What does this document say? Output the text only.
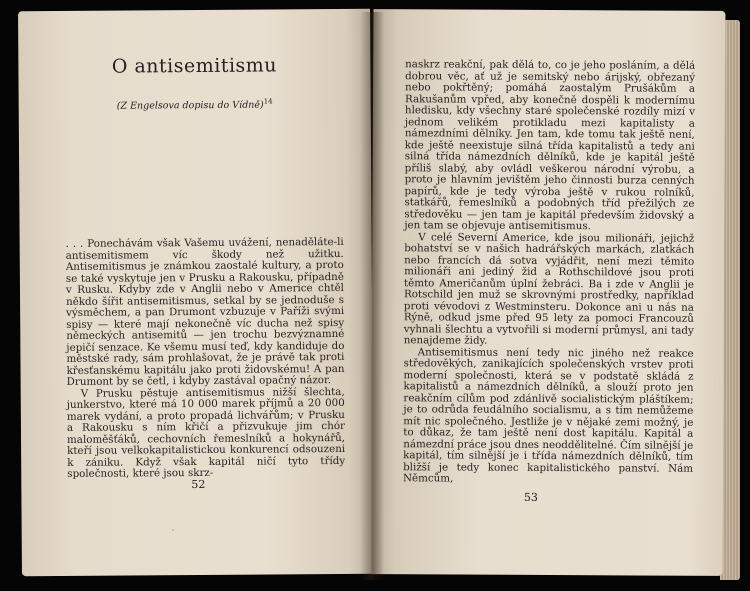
O antisemitismu
(Z Engelsova dopisu do Vídně)$^{14}$

. . . Ponechávám však Vašemu uvážení, nenaděláte-li antisemitismem víc škody než užitku. Antisemitismus je známkou zaostalé kultury, a proto se také vyskytuje jen v Prusku a Rakousku, případně v Rusku. Kdyby zde v Anglii nebo v Americe chtěl někdo šířit antisemitismus, setkal by se jednoduše s výsměchem, a pan Drumont vzbuzuje v Paříži svými spisy — které mají nekonečně víc ducha než spisy německých antisemitů — jen trochu bezvýznamné jepičí senzace. Ke všemu musí teď, kdy kandiduje do městské rady, sám prohlašovat, že je právě tak proti křesťanskému kapitálu jako proti židovskému! A pan Drumont by se četl, i kdyby zastával opačný názor.

V Prusku pěstuje antisemitismus nižší šlechta, junkerstvo, které má 10 000 marek příjmů a 20 000 marek vydání, a proto propadá lichvářům; v Prusku a Rakousku s ním křičí a přizvukuje jim chór maloměšťáků, cechovních řemeslníků a hokynářů, kteří jsou velkokapitalistickou konkurencí odsouzeni k zániku. Když však kapitál ničí tyto třídy společnosti, které jsou skrz-

52
·

naskrz reakční, pak dělá to, co je jeho posláním, a dělá dobrou věc, ať už je semitský nebo árijský, obřezaný nebo pokřtěný; pomáhá zaostalým Prušákům a Rakušanům vpřed, aby konečně dospěli k modernímu hledisku, kdy všechny staré společenské rozdíly mizí v jednom velikém protikladu mezi kapitalisty a námezdními dělníky. Jen tam, kde tomu tak ještě není, kde ještě neexistuje silná třída kapitalistů a tedy ani silná třída námezdních dělníků, kde je kapitál ještě příliš slabý, aby ovládl veškerou národní výrobu, a proto je hlavním jevištěm jeho činnosti burza cenných papírů, kde je tedy výroba ještě v rukou rolníků, statkářů, řemeslníků a podobných tříd přežilých ze středověku — jen tam je kapitál především židovský a jen tam se objevuje antisemitismus.

V celé Severní Americe, kde jsou milionáři, jejichž bohatství se v našich hadrářských markách, zlatkách nebo francích dá sotva vyjádřit, není mezi těmito milionáři ani jediný žid a Rothschildové jsou proti těmto Američanům úplní žebráci. Ba i zde v Anglii je Rotschild jen muž se skrovnými prostředky, například proti vévodovi z Westminsteru. Dokonce ani u nás na Rýně, odkud jsme před 95 lety za pomoci Francouzů vyhnali šlechtu a vytvořili si moderní průmysl, ani tady nenajdeme židy.

Antisemitismus není tedy nic jiného než reakce středověkých, zanikajících společenských vrstev proti moderní společnosti, která se v podstatě skládá z kapitalistů a námezdních dělníků, a slouží proto jen reakčním cílům pod zdánlivě socialistickým pláštíkem; je to odrůda feudálního socialismu, a s tím nemůžeme mít nic společného. Jestliže je v nějaké zemi možný, je to důkaz, že tam ještě není dost kapitálu. Kapitál a námezdní práce jsou dnes neoddělitelné. Čím silnější je kapitál, tím silnější je i třída námezdních dělníků, tím bližší je tedy konec kapitalistického panství. Nám Němcům,

53
